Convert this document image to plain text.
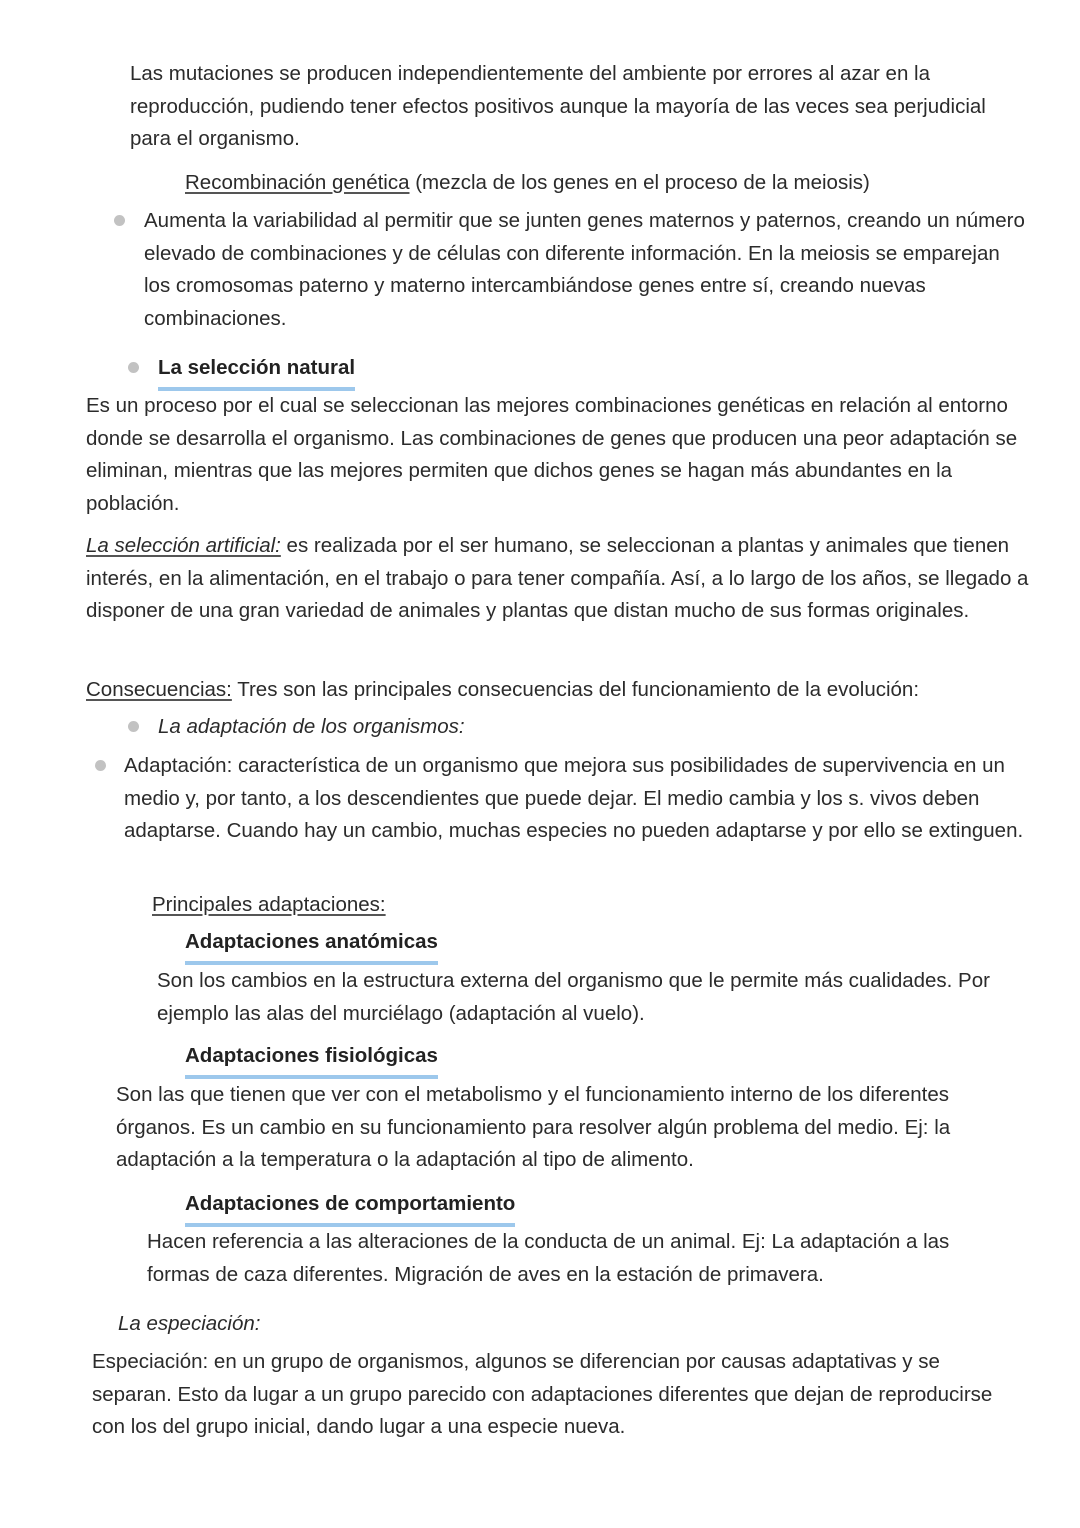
Las mutaciones se producen independientemente del ambiente por errores al azar en la reproducción, pudiendo tener efectos positivos aunque la mayoría de las veces sea perjudicial para el organismo.

Recombinación genética (mezcla de los genes en el proceso de la meiosis)

Aumenta la variabilidad al permitir que se junten genes maternos y paternos, creando un número elevado de combinaciones y de células con diferente información. En la meiosis se emparejan los cromosomas paterno y materno intercambiándose genes entre sí, creando nuevas combinaciones.

La selección natural

Es un proceso por el cual se seleccionan las mejores combinaciones genéticas en relación al entorno donde se desarrolla el organismo. Las combinaciones de genes que producen una peor adaptación se eliminan, mientras que las mejores permiten que dichos genes se hagan más abundantes en la población.

La selección artificial: es realizada por el ser humano, se seleccionan a plantas y animales que tienen interés, en la alimentación, en el trabajo o para tener compañía. Así, a lo largo de los años, se llegado a disponer de una gran variedad de animales y plantas que distan mucho de sus formas originales.

Consecuencias: Tres son las principales consecuencias del funcionamiento de la evolución:

La adaptación de los organismos:

Adaptación: característica de un organismo que mejora sus posibilidades de supervivencia en un medio y, por tanto, a los descendientes que puede dejar. El medio cambia y los s. vivos deben adaptarse. Cuando hay un cambio, muchas especies no pueden adaptarse y por ello se extinguen.

Principales adaptaciones:

Adaptaciones anatómicas

Son los cambios en la estructura externa del organismo que le permite más cualidades. Por ejemplo las alas del murciélago (adaptación al vuelo).

Adaptaciones fisiológicas

Son las que tienen que ver con el metabolismo y el funcionamiento interno de los diferentes órganos. Es un cambio en su funcionamiento para resolver algún problema del medio. Ej: la adaptación a la temperatura o la adaptación al tipo de alimento.

Adaptaciones de comportamiento

Hacen referencia a las alteraciones de la conducta de un animal. Ej: La adaptación a las formas de caza diferentes. Migración de aves en la estación de primavera.

La especiación:

Especiación: en un grupo de organismos, algunos se diferencian por causas adaptativas y se separan. Esto da lugar a un grupo parecido con adaptaciones diferentes que dejan de reproducirse con los del grupo inicial, dando lugar a una especie nueva.
